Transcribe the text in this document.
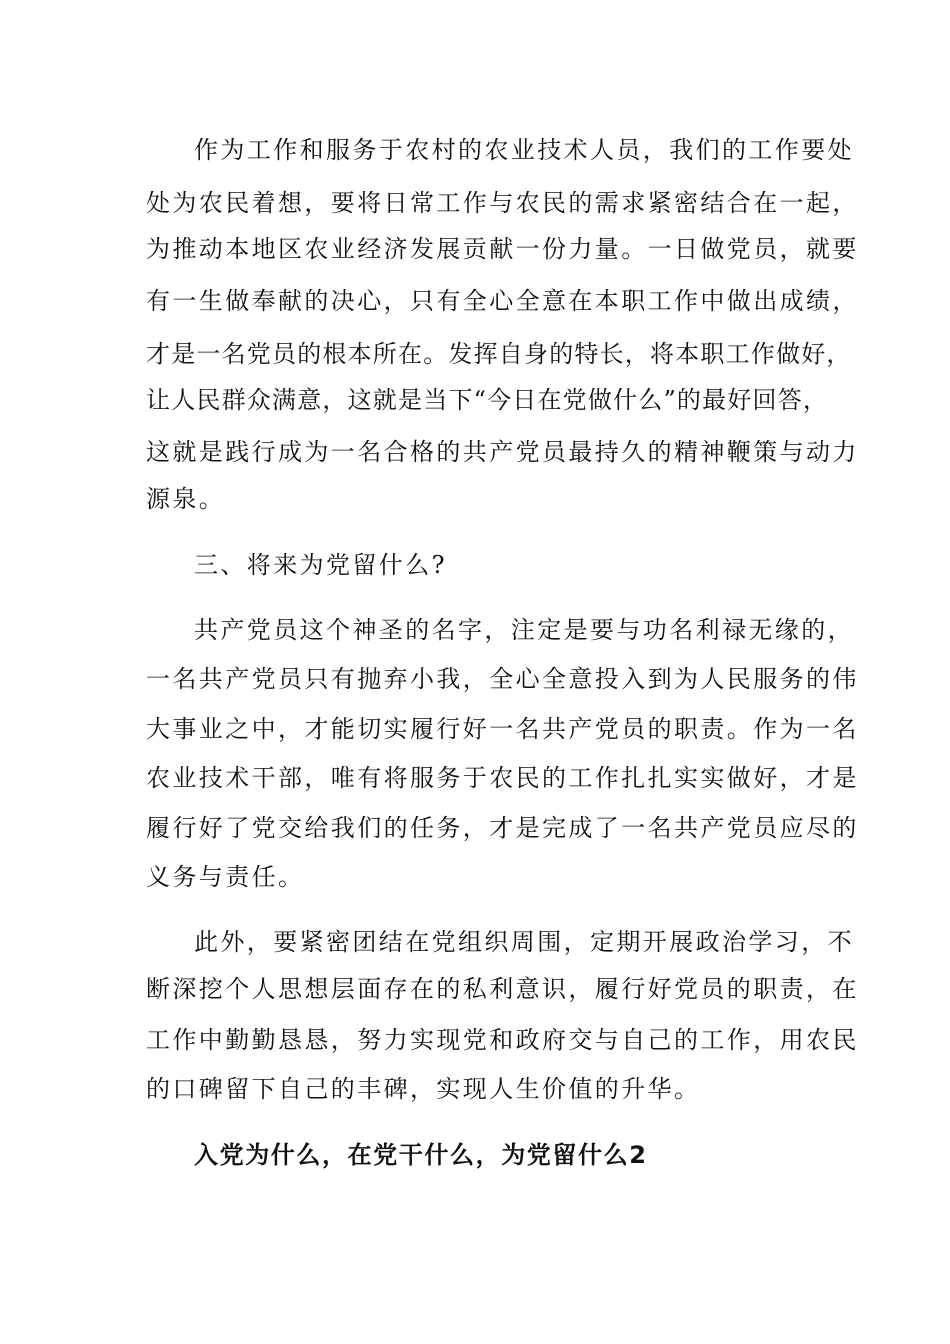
作为工作和服务于农村的农业技术人员，我们的工作要处
处为农民着想，要将日常工作与农民的需求紧密结合在一起，
为推动本地区农业经济发展贡献一份力量。一日做党员，就要
有一生做奉献的决心，只有全心全意在本职工作中做出成绩，
才是一名党员的根本所在。发挥自身的特长，将本职工作做好，
让人民群众满意，这就是当下“今日在党做什么”的最好回答，
这就是践行成为一名合格的共产党员最持久的精神鞭策与动力
源泉。
三、将来为党留什么?
共产党员这个神圣的名字，注定是要与功名利禄无缘的，
一名共产党员只有抛弃小我，全心全意投入到为人民服务的伟
大事业之中，才能切实履行好一名共产党员的职责。作为一名
农业技术干部，唯有将服务于农民的工作扎扎实实做好，才是
履行好了党交给我们的任务，才是完成了一名共产党员应尽的
义务与责任。
此外，要紧密团结在党组织周围，定期开展政治学习，不
断深挖个人思想层面存在的私利意识，履行好党员的职责，在
工作中勤勤恳恳，努力实现党和政府交与自己的工作，用农民
的口碑留下自己的丰碑，实现人生价值的升华。
入党为什么，在党干什么，为党留什么2
